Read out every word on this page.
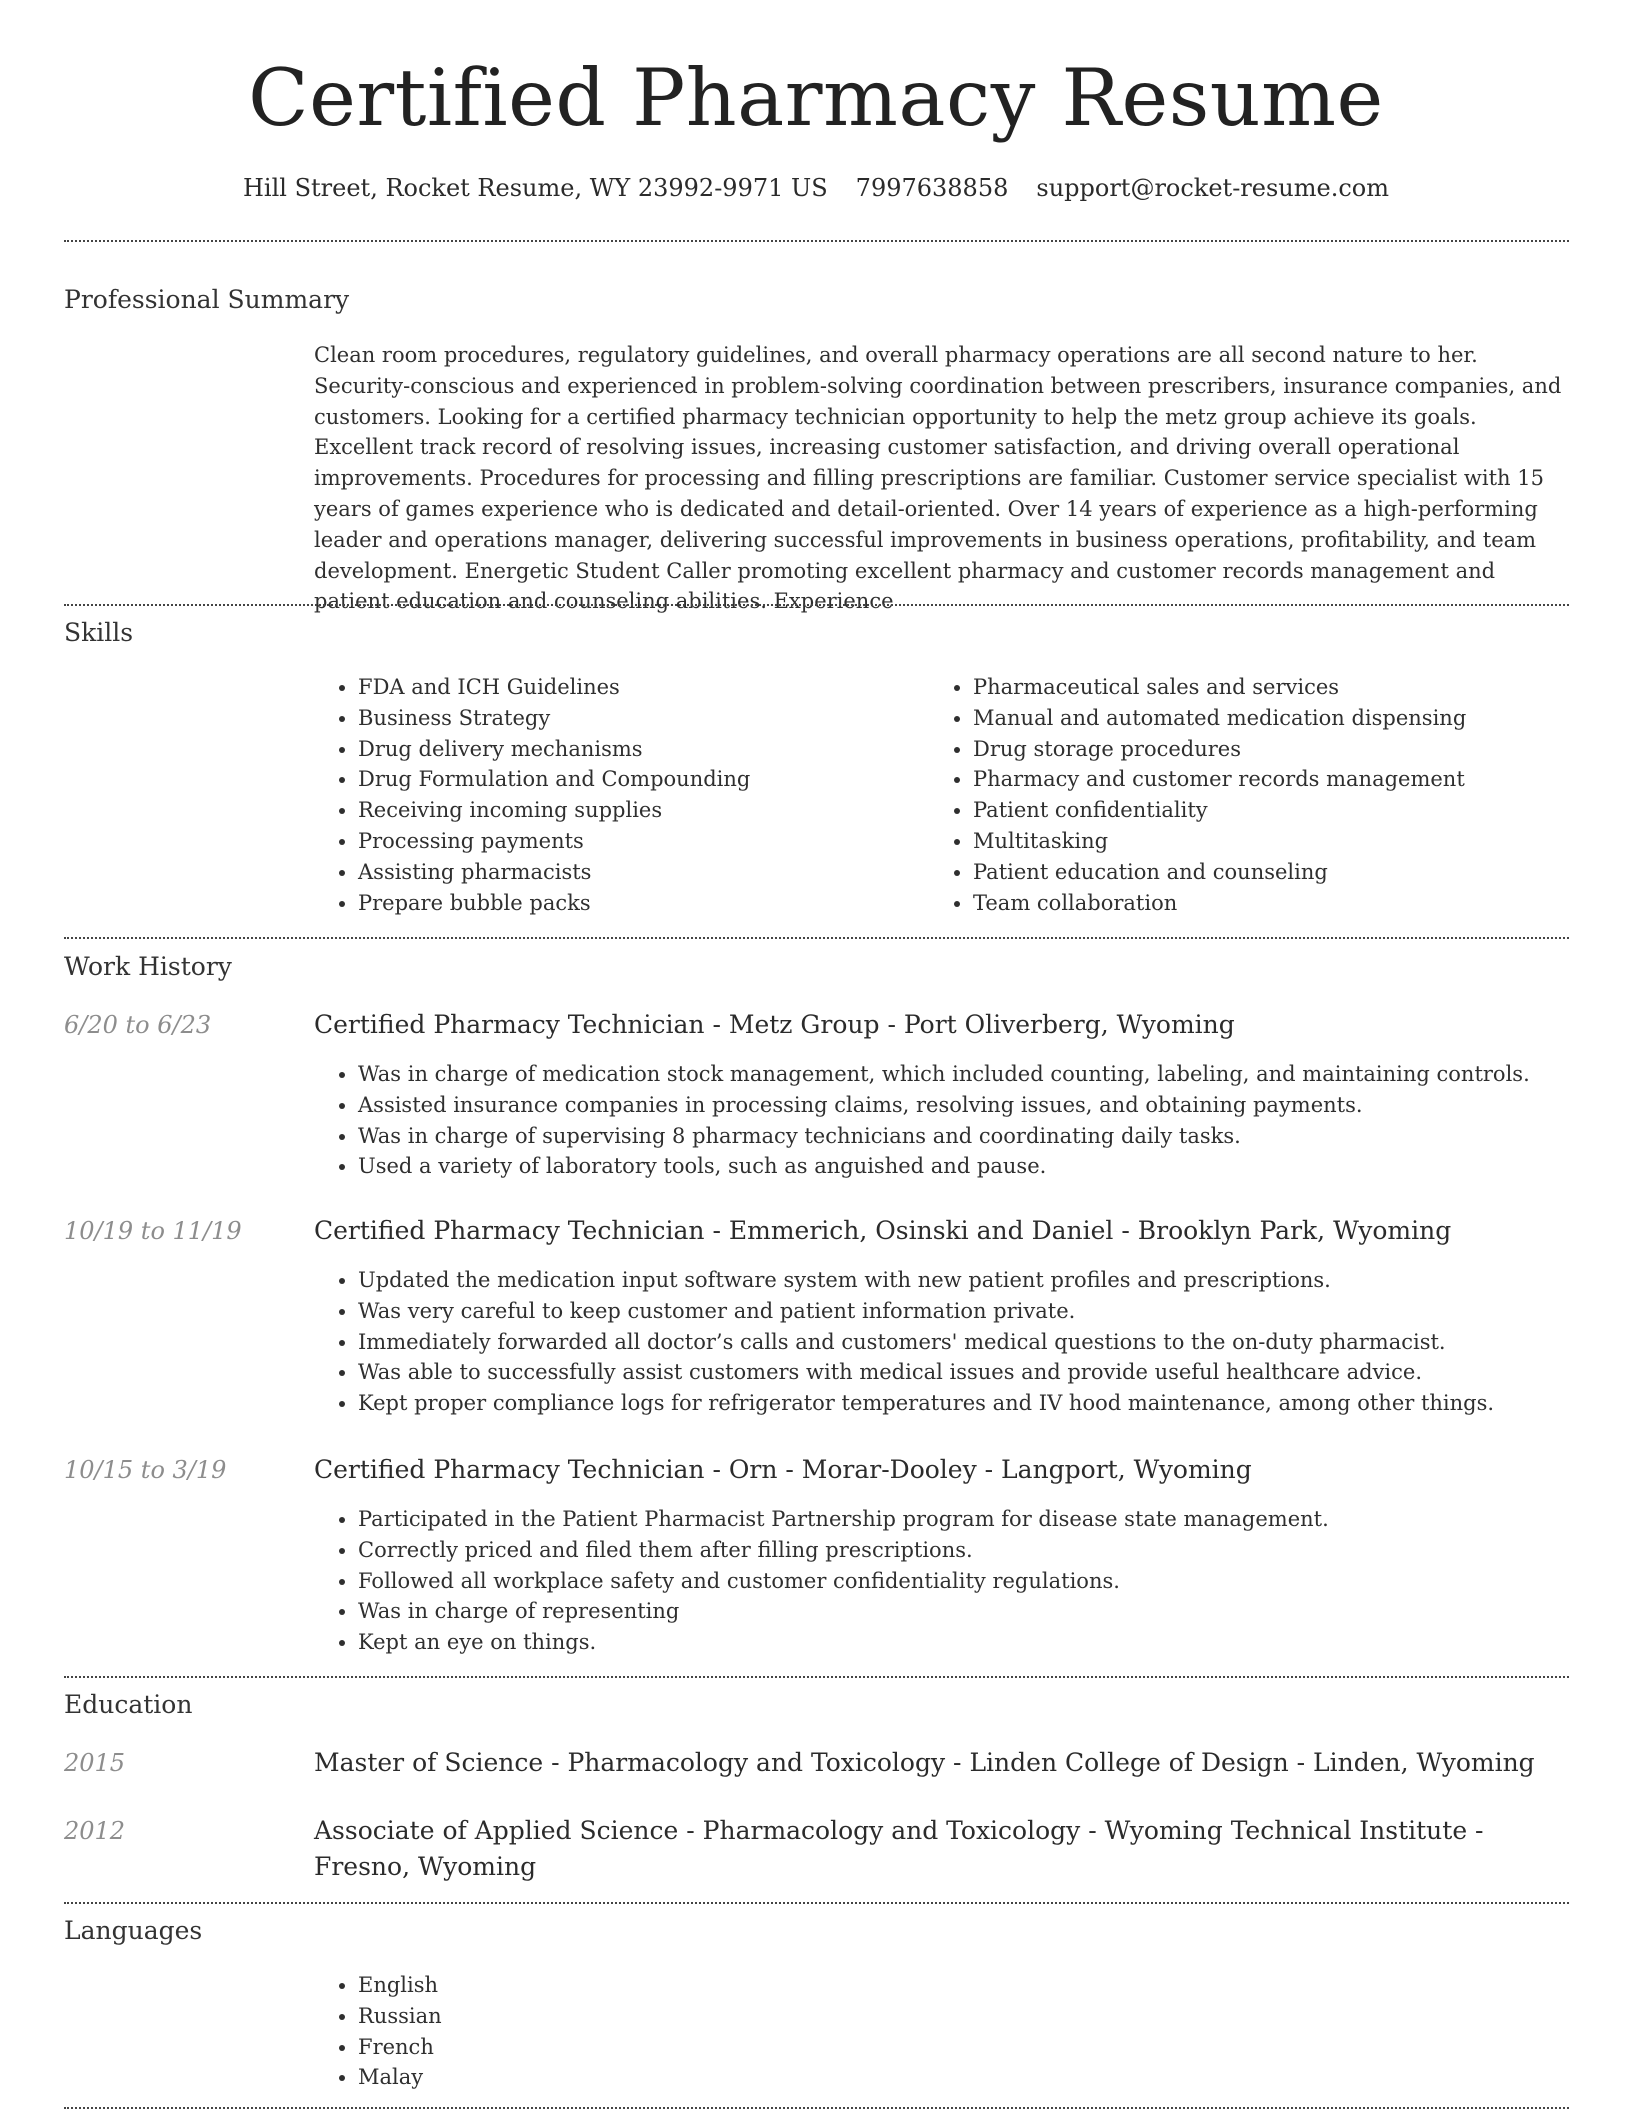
Certified Pharmacy Resume
Hill Street, Rocket Resume, WY 23992-9971 US 7997638858 support@rocket-resume.com
Professional Summary

Clean room procedures, regulatory guidelines, and overall pharmacy operations are all second nature to her. Security-conscious and experienced in problem-solving coordination between prescribers, insurance companies, and customers. Looking for a certified pharmacy technician opportunity to help the metz group achieve its goals. Excellent track record of resolving issues, increasing customer satisfaction, and driving overall operational improvements. Procedures for processing and filling prescriptions are familiar. Customer service specialist with 15 years of games experience who is dedicated and detail-oriented. Over 14 years of experience as a high-performing leader and operations manager, delivering successful improvements in business operations, profitability, and team development. Energetic Student Caller promoting excellent pharmacy and customer records management and patient education and counseling abilities. Experience

Skills
• FDA and ICH Guidelines
• Business Strategy
• Drug delivery mechanisms
• Drug Formulation and Compounding
• Receiving incoming supplies
• Processing payments
• Assisting pharmacists
• Prepare bubble packs
• Pharmaceutical sales and services
• Manual and automated medication dispensing
• Drug storage procedures
• Pharmacy and customer records management
• Patient confidentiality
• Multitasking
• Patient education and counseling
• Team collaboration
Work History
6/20 to 6/23	Certified Pharmacy Technician - Metz Group - Port Oliverberg, Wyoming
• Was in charge of medication stock management, which included counting, labeling, and maintaining controls.
• Assisted insurance companies in processing claims, resolving issues, and obtaining payments.
• Was in charge of supervising 8 pharmacy technicians and coordinating daily tasks.
• Used a variety of laboratory tools, such as anguished and pause.
10/19 to 11/19	Certified Pharmacy Technician - Emmerich, Osinski and Daniel - Brooklyn Park, Wyoming
• Updated the medication input software system with new patient profiles and prescriptions.
• Was very careful to keep customer and patient information private.
• Immediately forwarded all doctor’s calls and customers' medical questions to the on-duty pharmacist.
• Was able to successfully assist customers with medical issues and provide useful healthcare advice.
• Kept proper compliance logs for refrigerator temperatures and IV hood maintenance, among other things.
10/15 to 3/19	Certified Pharmacy Technician - Orn - Morar-Dooley - Langport, Wyoming
• Participated in the Patient Pharmacist Partnership program for disease state management.
• Correctly priced and filed them after filling prescriptions.
• Followed all workplace safety and customer confidentiality regulations.
• Was in charge of representing
• Kept an eye on things.
Education
2015	Master of Science - Pharmacology and Toxicology - Linden College of Design - Linden, Wyoming
2012	Associate of Applied Science - Pharmacology and Toxicology - Wyoming Technical Institute - Fresno, Wyoming
Languages
• English
• Russian
• French
• Malay
